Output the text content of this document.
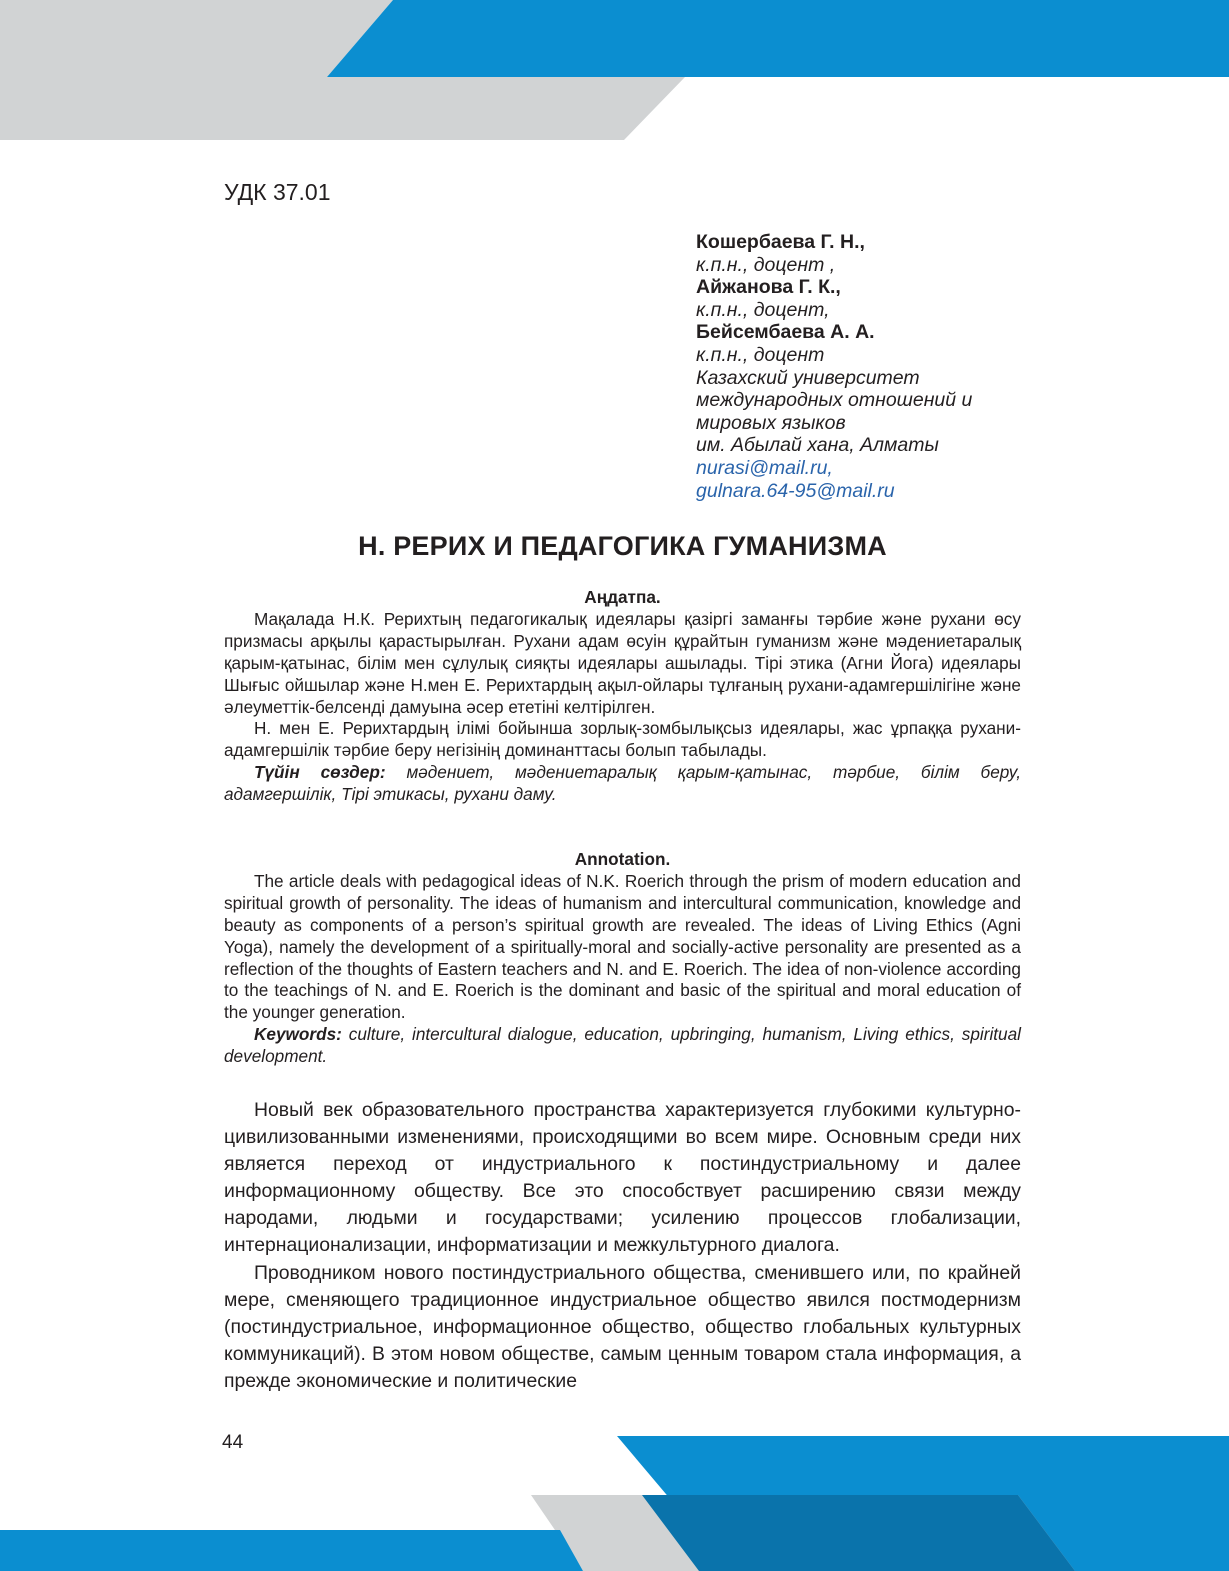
УДК 37.01
Кошербаева Г. Н.,
к.п.н., доцент ,
Айжанова Г. К.,
к.п.н., доцент,
Бейсембаева А. А.
к.п.н., доцент
Казахский университет
международных отношений и
мировых языков
им. Абылай хана, Алматы
nurasi@mail.ru,
gulnara.64-95@mail.ru
Н. РЕРИХ И ПЕДАГОГИКА ГУМАНИЗМА
Аңдатпа.

Мақалада Н.К. Рерихтың педагогикалық идеялары қазіргі заманғы тәрбие және рухани өсу призмасы арқылы қарастырылған. Рухани адам өсуін құрайтын гуманизм және мәдениетаралық қарым-қатынас, білім мен сұлулық сияқты идеялары ашылады. Тірі этика (Агни Йога) идеялары Шығыс ойшылар және Н.мен Е. Рерихтардың ақыл-ойлары тұлғаның рухани-адамгершілігіне және әлеуметтік-белсенді дамуына әсер ететіні келтірілген.

Н. мен Е. Рерихтардың ілімі бойынша зорлық-зомбылықсыз идеялары, жас ұрпаққа рухани-адамгершілік тәрбие беру негізінің доминанттасы болып табылады.

Түйін сөздер: мәдениет, мәдениетаралық қарым-қатынас, тәрбие, білім беру, адамгершілік, Тірі этикасы, рухани даму.

Annotation.

The article deals with pedagogical ideas of N.K. Roerich through the prism of modern education and spiritual growth of personality. The ideas of humanism and intercultural communication, knowledge and beauty as components of a person’s spiritual growth are revealed. The ideas of Living Ethics (Agni Yoga), namely the development of a spiritually-moral and socially-active personality are presented as a reflection of the thoughts of Eastern teachers and N. and E. Roerich. The idea of non-violence according to the teachings of N. and E. Roerich is the dominant and basic of the spiritual and moral education of the younger generation.

Keywords: culture, intercultural dialogue, education, upbringing, humanism, Living ethics, spiritual development.

Новый век образовательного пространства характеризуется глубокими культурно-цивилизованными изменениями, происходящими во всем мире. Основным среди них является переход от индустриального к постиндустриальному и далее информационному обществу. Все это способствует расширению связи между народами, людьми и государствами; усилению процессов глобализации, интернационализации, информатизации и межкультурного диалога.

Проводником нового постиндустриального общества, сменившего или, по крайней мере, сменяющего традиционное индустриальное общество явился постмодернизм (постиндустриальное, информационное общество, общество глобальных культурных коммуникаций). В этом новом обществе, самым ценным товаром стала информация, а прежде экономические и политические

44
